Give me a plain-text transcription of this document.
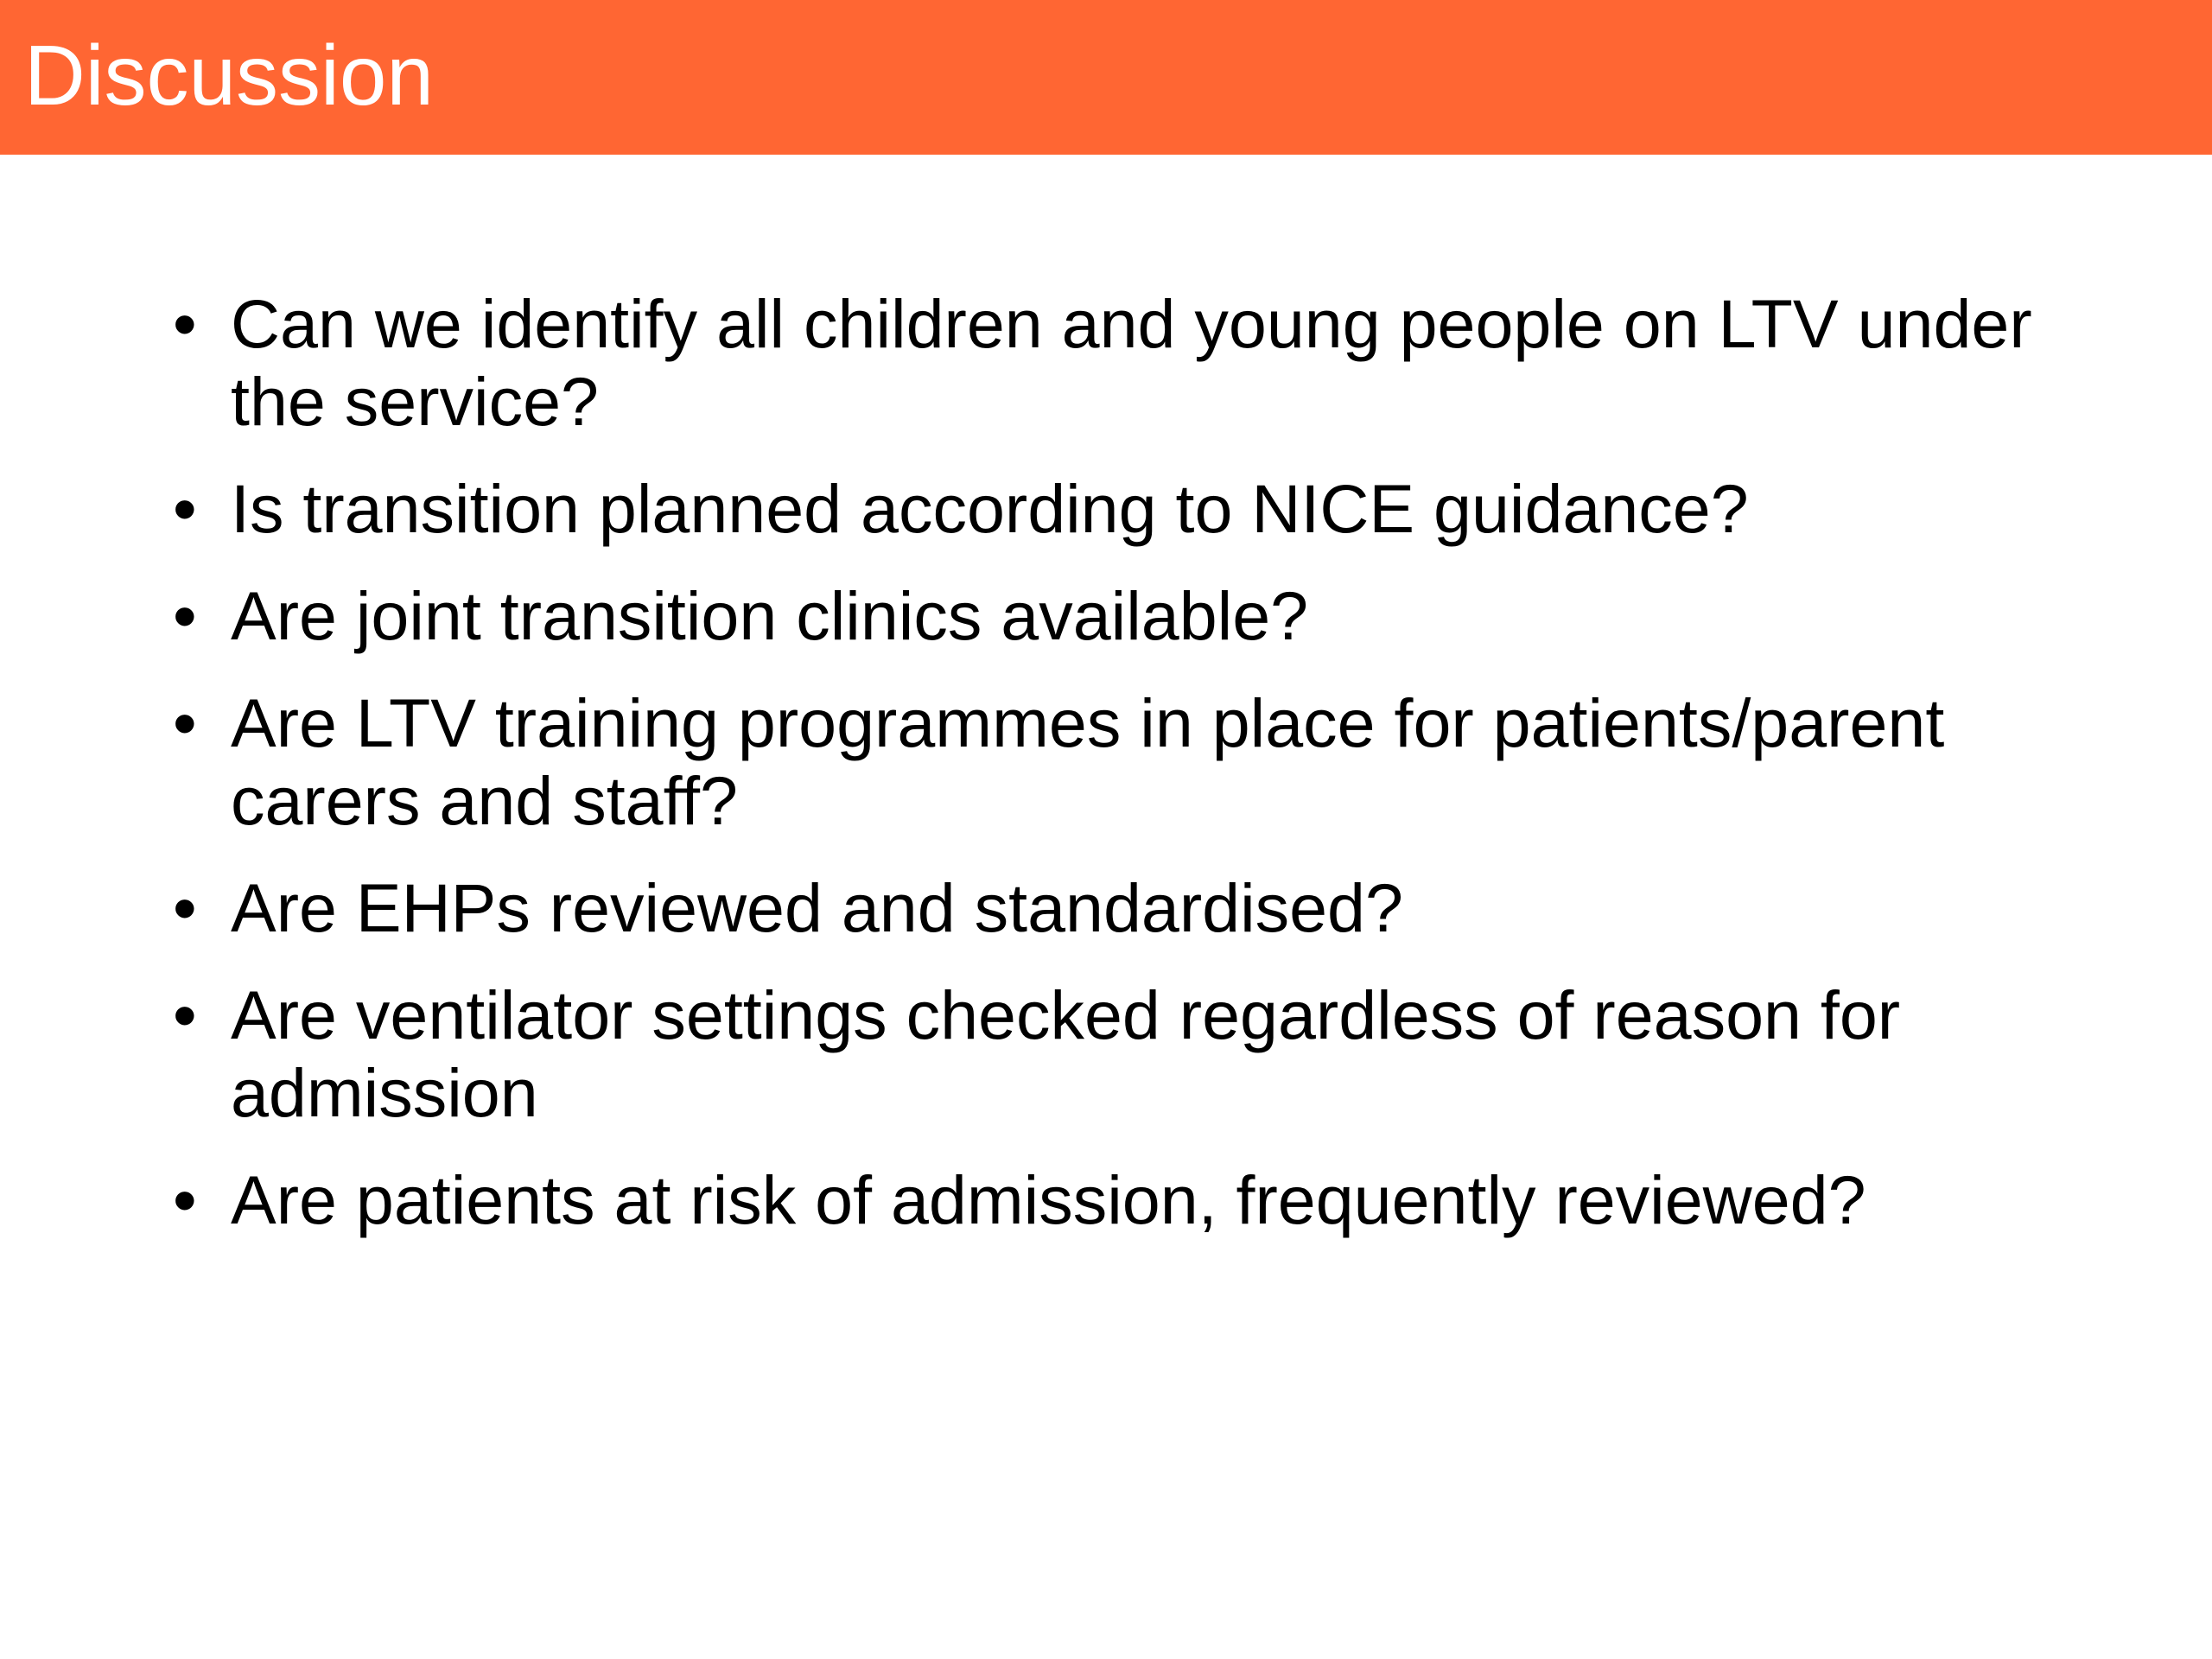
Discussion
• Can we identify all children and young people on LTV under the service?
• Is transition planned according to NICE guidance?
• Are joint transition clinics available?
• Are LTV training programmes in place for patients/parent carers and staff?
• Are EHPs reviewed and standardised?
• Are ventilator settings checked regardless of reason for admission
• Are patients at risk of admission, frequently reviewed?
